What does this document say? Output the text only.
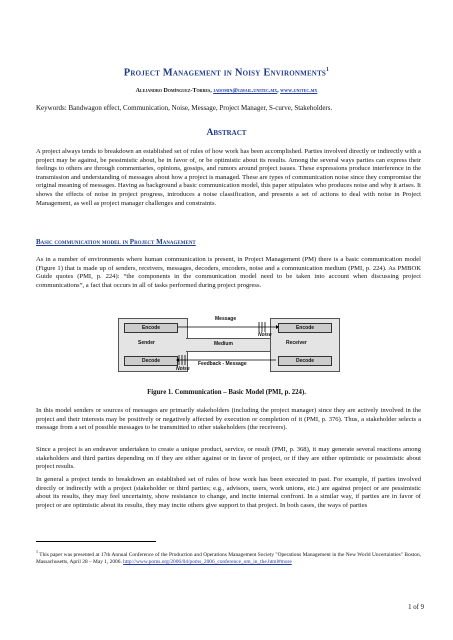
Project Management in Noisy Environments$^1$
Alejandro Domínguez-Torres, jadomin@gmail.unitec.mx, www.unitec.mx
Keywords: Bandwagon effect, Communication, Noise, Message, Project Manager, S-curve, Stakeholders.
Abstract
A project always tends to breakdown an established set of rules of how work has been accomplished. Parties involved directly or indirectly with a project may be against, be pessimistic about, be in favor of, or be optimistic about its results. Among the several ways parties can express their feelings to others are through commentaries, opinions, gossips, and rumors around project issues. These expressions produce interference in the transmission and understanding of messages about how a project is managed. These are types of communication noise since they compromise the original meaning of messages. Having as background a basic communication model, this paper stipulates who produces noise and why it arises. It shows the effects of noise in project progress, introduces a noise classification, and presents a set of actions to deal with noise in Project Management, as well as project manager challenges and constraints.
Basic communication model in Project Management
As in a number of environments where human communication is present, in Project Management (PM) there is a basic communication model (Figure 1) that is made up of senders, receivers, messages, decoders, encoders, noise and a communication medium (PMI, p. 224). As PMBOK Guide quotes (PMI, p. 224): “the components in the communication model need to be taken into account when discussing project communications”, a fact that occurs in all of tasks performed during project progress.
Encode
Sender
Decode
Encode
Receiver
Decode
Message
Medium
Noise
Noise
Feedback - Message
Figure 1. Communication – Basic Model (PMI, p. 224).
In this model senders or sources of messages are primarily stakeholders (including the project manager) since they are actively involved in the project and their interests may be positively or negatively affected by execution or completion of it (PMI, p. 376). Thus, a stakeholder selects a message from a set of possible messages to be transmitted to other stakeholders (the receivers).
Since a project is an endeavor undertaken to create a unique product, service, or result (PMI, p. 368), it may generate several reactions among stakeholders and third parties depending on if they are either against or in favor of project, or if they are either optimistic or pessimistic about project results.
In general a project tends to breakdown an established set of rules of how work has been executed in past. For example, if parties involved directly or indirectly with a project (stakeholder or third parties; e.g., advisors, users, work unions, etc.) are against project or are pessimistic about its results, they may feel uncertainty, show resistance to change, and incite internal confront. In a similar way, if parties are in favor of project or are optimistic about its results, they may incite others give support to that project. In both cases, the ways of parties
$^1$ This paper was presented at 17th Annual Conference of the Production and Operations Management Society "Operations Management in the New World Uncertainties" Boston, Massachusetts, April 28 – May 1, 2006. http://www.poms.org/2006/04/poms_2006_conference_om_in_the.html#more
1 of 9
